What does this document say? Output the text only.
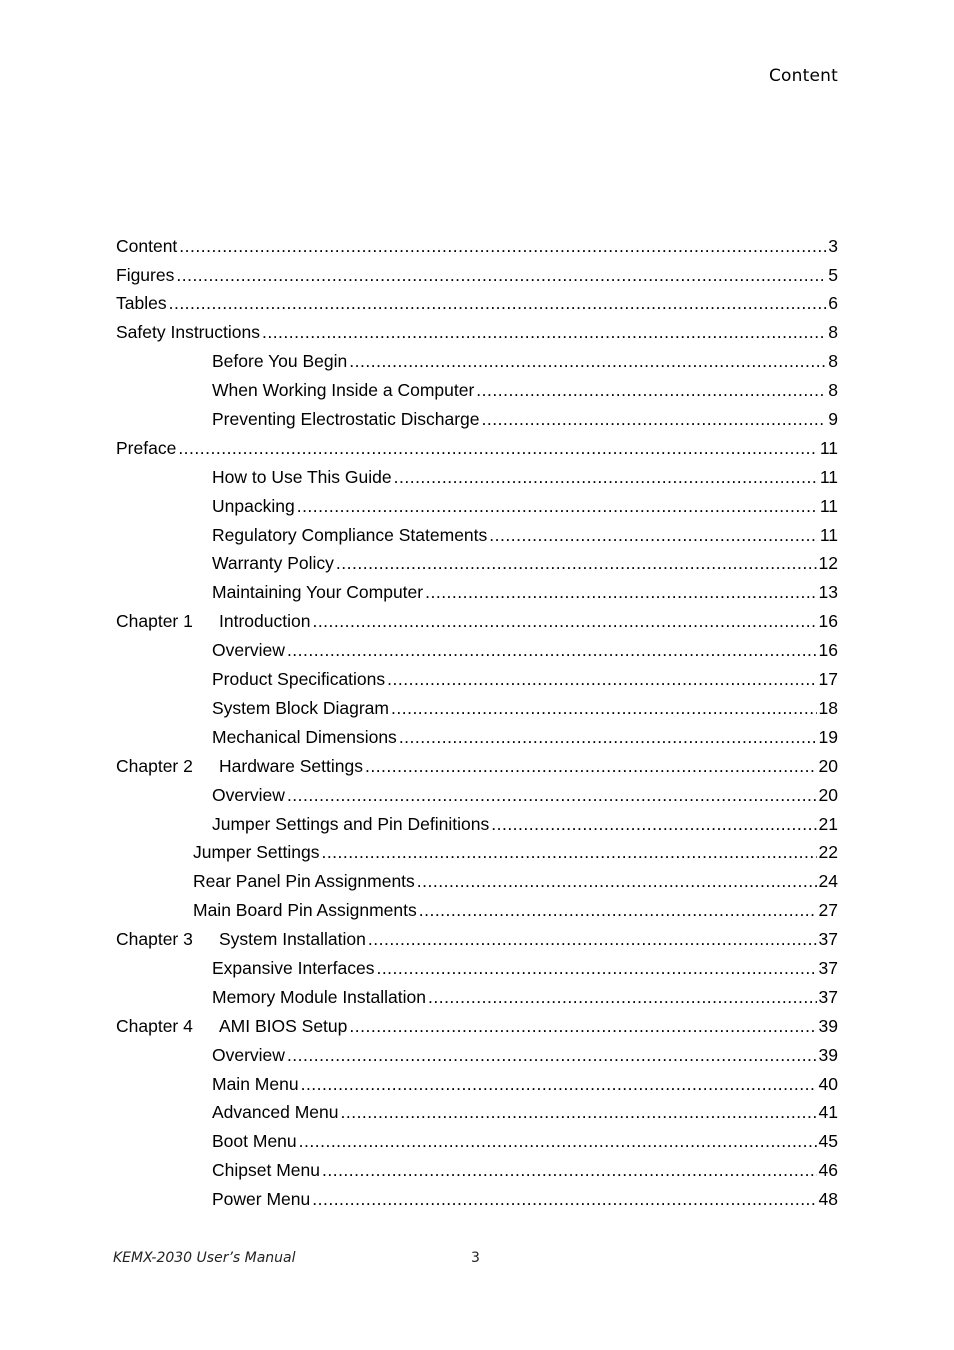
Content
Content .....	3
Figures .....	5
Tables .....	6
Safety Instructions .....	8
Before You Begin .....	8
When Working Inside a Computer .....	8
Preventing Electrostatic Discharge .....	9
Preface .....	11
How to Use This Guide .....	11
Unpacking .....	11
Regulatory Compliance Statements .....	11
Warranty Policy .....	12
Maintaining Your Computer .....	13
Chapter 1	Introduction .....	16
Overview .....	16
Product Specifications .....	17
System Block Diagram .....	18
Mechanical Dimensions .....	19
Chapter 2	Hardware Settings .....	20
Overview .....	20
Jumper Settings and Pin Definitions .....	21
Jumper Settings .....	22
Rear Panel Pin Assignments .....	24
Main Board Pin Assignments .....	27
Chapter 3	System Installation .....	37
Expansive Interfaces .....	37
Memory Module Installation .....	37
Chapter 4	AMI BIOS Setup .....	39
Overview .....	39
Main Menu .....	40
Advanced Menu .....	41
Boot Menu .....	45
Chipset Menu .....	46
Power Menu .....	48
KEMX-2030 User’s Manual	3
